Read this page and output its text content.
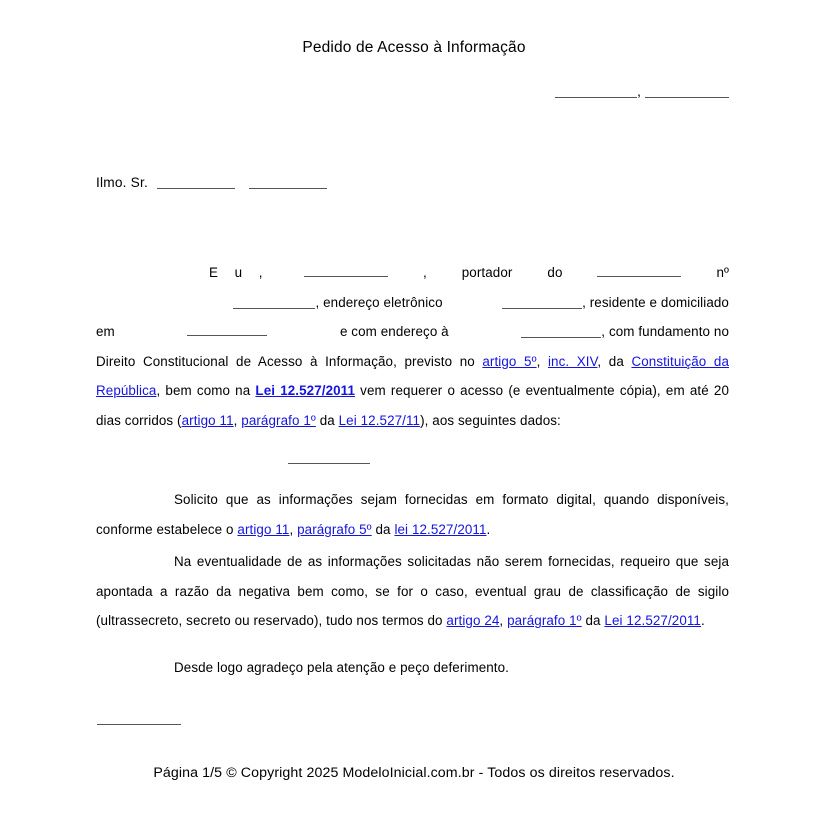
Pedido de Acesso à Informação
,
Ilmo. Sr.
E u ,	,	portador	do	nº
, endereço eletrônico	, residente e domiciliado
em	e com endereço à	, com fundamento no

Direito Constitucional de Acesso à Informação, previsto no artigo 5º, inc. XIV, da Constituição da República, bem como na Lei 12.527/2011 vem requerer o acesso (e eventualmente cópia), em até 20 dias corridos (artigo 11, parágrafo 1º da Lei 12.527/11), aos seguintes dados:

Solicito que as informações sejam fornecidas em formato digital, quando disponíveis, conforme estabelece o artigo 11, parágrafo 5º da lei 12.527/2011.

Na eventualidade de as informações solicitadas não serem fornecidas, requeiro que seja apontada a razão da negativa bem como, se for o caso, eventual grau de classificação de sigilo (ultrassecreto, secreto ou reservado), tudo nos termos do artigo 24, parágrafo 1º da Lei 12.527/2011.

Desde logo agradeço pela atenção e peço deferimento.

Página 1/5 © Copyright 2025 ModeloInicial.com.br - Todos os direitos reservados.
